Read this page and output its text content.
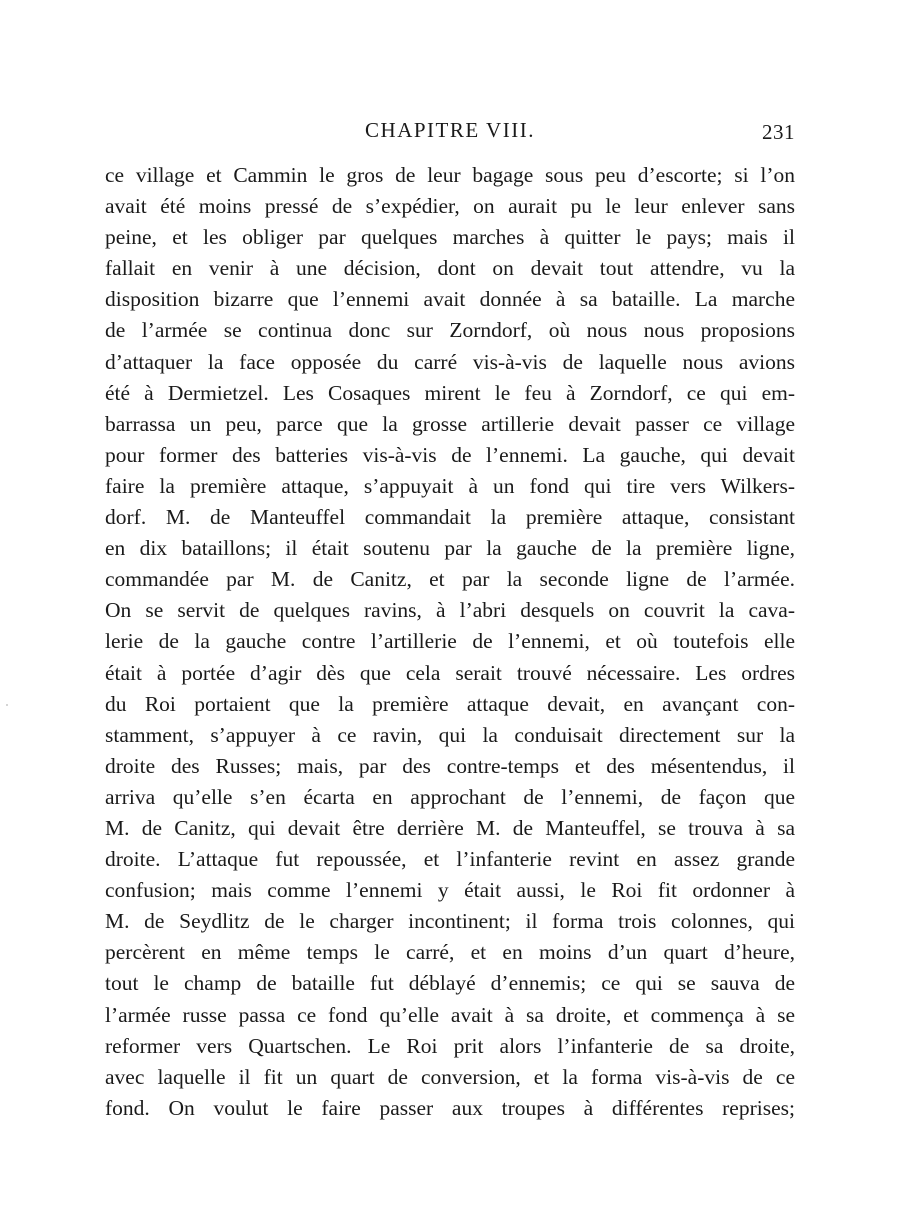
CHAPITRE VIII.	231
ce village et Cammin le gros de leur bagage sous peu d’escorte; si l’on
avait été moins pressé de s’expédier, on aurait pu le leur enlever sans
peine, et les obliger par quelques marches à quitter le pays; mais il
fallait en venir à une décision, dont on devait tout attendre, vu la
disposition bizarre que l’ennemi avait donnée à sa bataille. La marche
de l’armée se continua donc sur Zorndorf, où nous nous proposions
d’attaquer la face opposée du carré vis-à-vis de laquelle nous avions
été à Dermietzel. Les Cosaques mirent le feu à Zorndorf, ce qui em-
barrassa un peu, parce que la grosse artillerie devait passer ce village
pour former des batteries vis-à-vis de l’ennemi. La gauche, qui devait
faire la première attaque, s’appuyait à un fond qui tire vers Wilkers-
dorf. M. de Manteuffel commandait la première attaque, consistant
en dix bataillons; il était soutenu par la gauche de la première ligne,
commandée par M. de Canitz, et par la seconde ligne de l’armée.
On se servit de quelques ravins, à l’abri desquels on couvrit la cava-
lerie de la gauche contre l’artillerie de l’ennemi, et où toutefois elle
était à portée d’agir dès que cela serait trouvé nécessaire. Les ordres
du Roi portaient que la première attaque devait, en avançant con-
stamment, s’appuyer à ce ravin, qui la conduisait directement sur la
droite des Russes; mais, par des contre-temps et des mésentendus, il
arriva qu’elle s’en écarta en approchant de l’ennemi, de façon que
M. de Canitz, qui devait être derrière M. de Manteuffel, se trouva à sa
droite. L’attaque fut repoussée, et l’infanterie revint en assez grande
confusion; mais comme l’ennemi y était aussi, le Roi fit ordonner à
M. de Seydlitz de le charger incontinent; il forma trois colonnes, qui
percèrent en même temps le carré, et en moins d’un quart d’heure,
tout le champ de bataille fut déblayé d’ennemis; ce qui se sauva de
l’armée russe passa ce fond qu’elle avait à sa droite, et commença à se
reformer vers Quartschen. Le Roi prit alors l’infanterie de sa droite,
avec laquelle il fit un quart de conversion, et la forma vis-à-vis de ce
fond. On voulut le faire passer aux troupes à différentes reprises;
